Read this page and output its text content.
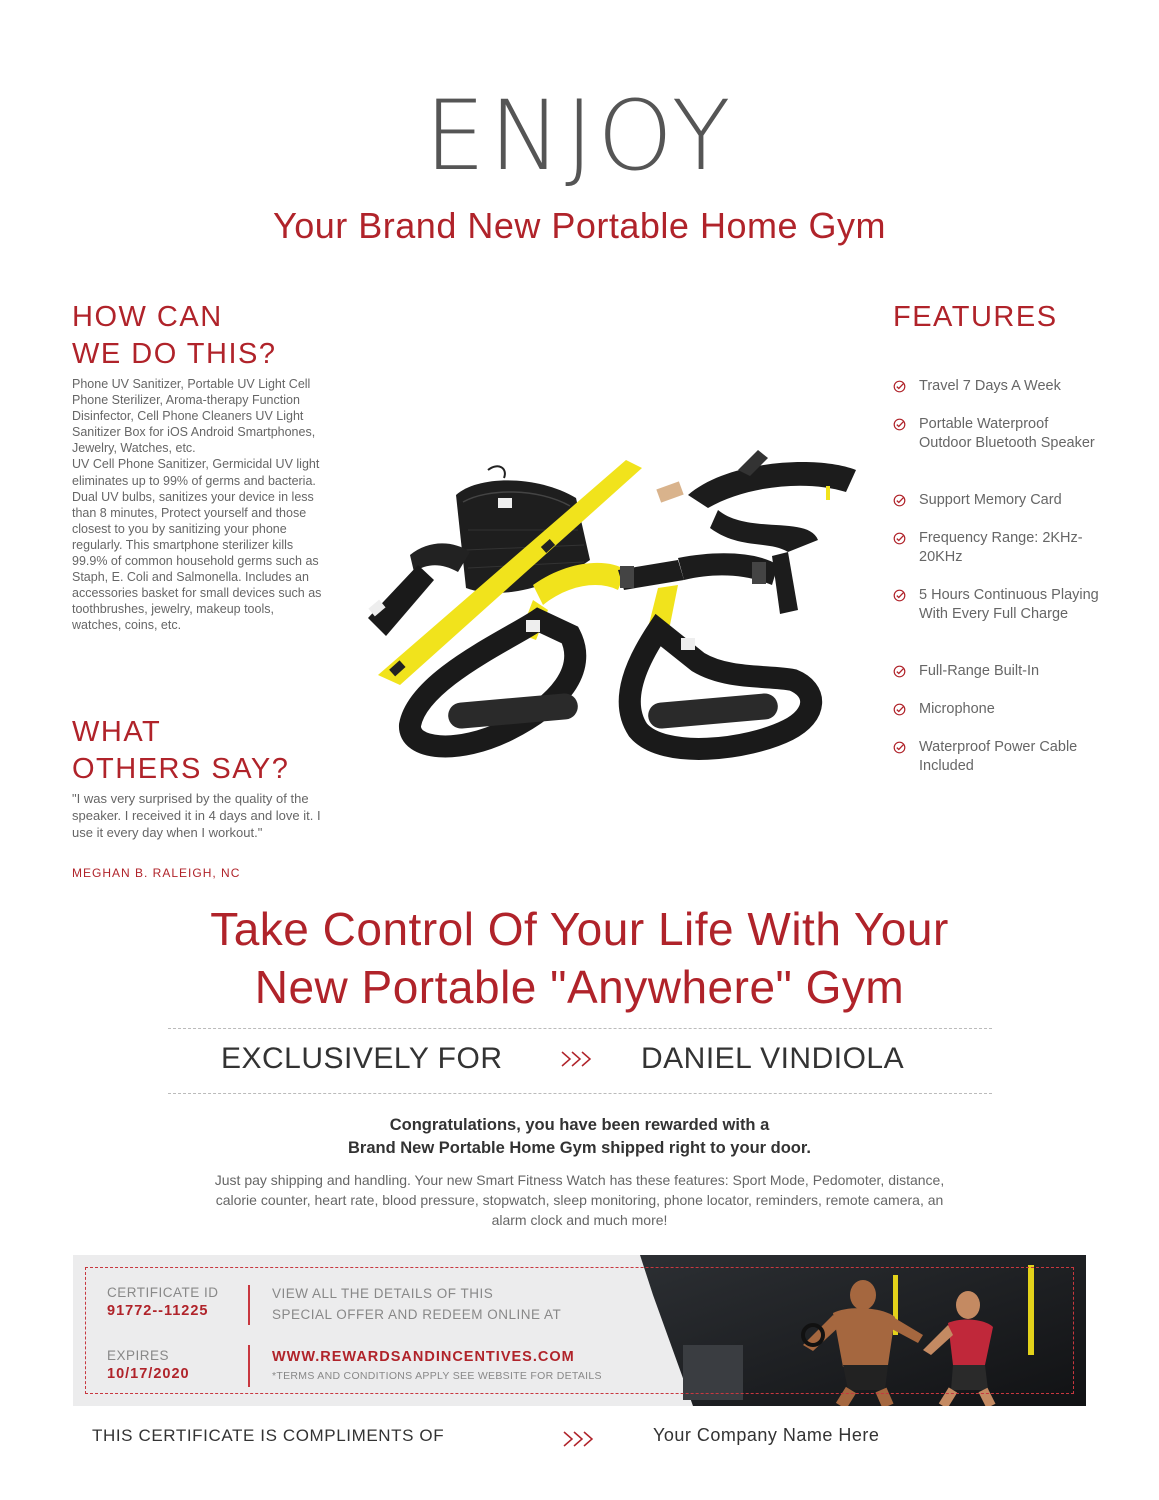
ENJOY
Your Brand New Portable Home Gym
HOW CAN
WE DO THIS?
Phone UV Sanitizer, Portable UV Light Cell Phone Sterilizer, Aroma-therapy Function Disinfector, Cell Phone Cleaners UV Light Sanitizer Box for iOS Android Smartphones, Jewelry, Watches, etc.
UV Cell Phone Sanitizer, Germicidal UV light eliminates up to 99% of germs and bacteria. Dual UV bulbs, sanitizes your device in less than 8 minutes, Protect yourself and those closest to you by sanitizing your phone regularly. This smartphone sterilizer kills 99.9% of common household germs such as Staph, E. Coli and Salmonella. Includes an accessories basket for small devices such as toothbrushes, jewelry, makeup tools, watches, coins, etc.
WHAT
OTHERS SAY?
"I was very surprised by the quality of the speaker. I received it in 4 days and love it. I use it every day when I workout."
MEGHAN B. RALEIGH, NC
FEATURES
Travel 7 Days A Week
Portable Waterproof Outdoor Bluetooth Speaker
Support Memory Card
Frequency Range: 2KHz-20KHz
5 Hours Continuous Playing With Every Full Charge
Full-Range Built-In
Microphone
Waterproof Power Cable Included
Take Control Of Your Life With Your
New Portable "Anywhere" Gym
EXCLUSIVELY FOR	DANIEL VINDIOLA
Congratulations, you have been rewarded with a
Brand New Portable Home Gym shipped right to your door.
Just pay shipping and handling. Your new Smart Fitness Watch has these features: Sport Mode, Pedomoter, distance, calorie counter, heart rate, blood pressure, stopwatch, sleep monitoring, phone locator, reminders, remote camera, an alarm clock and much more!
CERTIFICATE ID
91772--11225
EXPIRES
10/17/2020
VIEW ALL THE DETAILS OF THIS
SPECIAL OFFER AND REDEEM ONLINE AT
WWW.REWARDSANDINCENTIVES.COM
*TERMS AND CONDITIONS APPLY SEE WEBSITE FOR DETAILS
THIS CERTIFICATE IS COMPLIMENTS OF	Your Company Name Here
